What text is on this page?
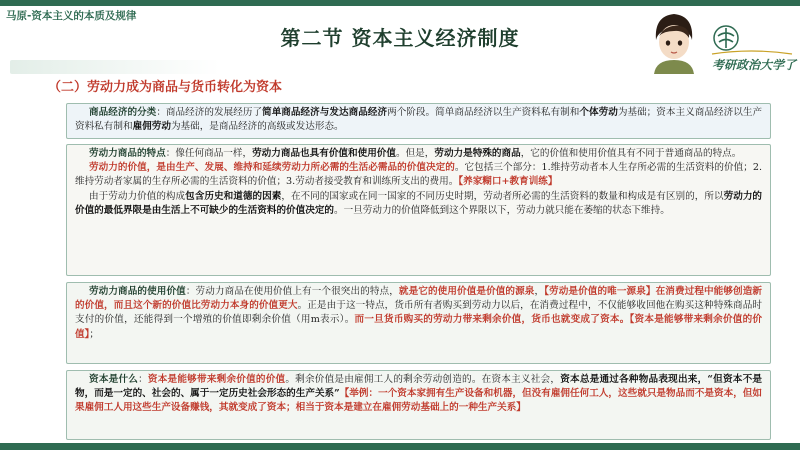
马原-资本主义的本质及规律
第二节 资本主义经济制度
（二）劳动力成为商品与货币转化为资本
考研政治大学了
商品经济的分类：商品经济的发展经历了简单商品经济与发达商品经济两个阶段。简单商品经济以生产资料私有制和个体劳动为基础；资本主义商品经济以生产资料私有制和雇佣劳动为基础，是商品经济的高级或发达形态。
劳动力商品的特点：像任何商品一样，劳动力商品也具有价值和使用价值。但是，劳动力是特殊的商品，它的价值和使用价值具有不同于普通商品的特点。
劳动力的价值，是由生产、发展、维持和延续劳动力所必需的生活必需品的价值决定的。它包括三个部分：1.维持劳动者本人生存所必需的生活资料的价值；2.维持劳动者家属的生存所必需的生活资料的价值；3.劳动者接受教育和训练所支出的费用。【养家糊口+教育训练】
由于劳动力价值的构成包含历史和道德的因素，在不同的国家或在同一国家的不同历史时期，劳动者所必需的生活资料的数量和构成是有区别的，所以劳动力的价值的最低界限是由生活上不可缺少的生活资料的价值决定的。一旦劳动力的价值降低到这个界限以下，劳动力就只能在萎缩的状态下维持。
劳动力商品的使用价值：劳动力商品在使用价值上有一个很突出的特点，就是它的使用价值是价值的源泉，【劳动是价值的唯一源泉】在消费过程中能够创造新的价值，而且这个新的价值比劳动力本身的价值更大。正是由于这一特点，货币所有者购买到劳动力以后，在消费过程中，不仅能够收回他在购买这种特殊商品时支付的价值，还能得到一个增殖的价值即剩余价值（用m表示）。而一旦货币购买的劳动力带来剩余价值，货币也就变成了资本。【资本是能够带来剩余价值的价值】；
资本是什么：资本是能够带来剩余价值的价值。剩余价值是由雇佣工人的剩余劳动创造的。在资本主义社会，资本总是通过各种物品表现出来，“但资本不是物，而是一定的、社会的、属于一定历史社会形态的生产关系”【举例：一个资本家拥有生产设备和机器，但没有雇佣任何工人，这些就只是物品而不是资本，但如果雇佣工人用这些生产设备赚钱，其就变成了资本；相当于资本是建立在雇佣劳动基础上的一种生产关系】
